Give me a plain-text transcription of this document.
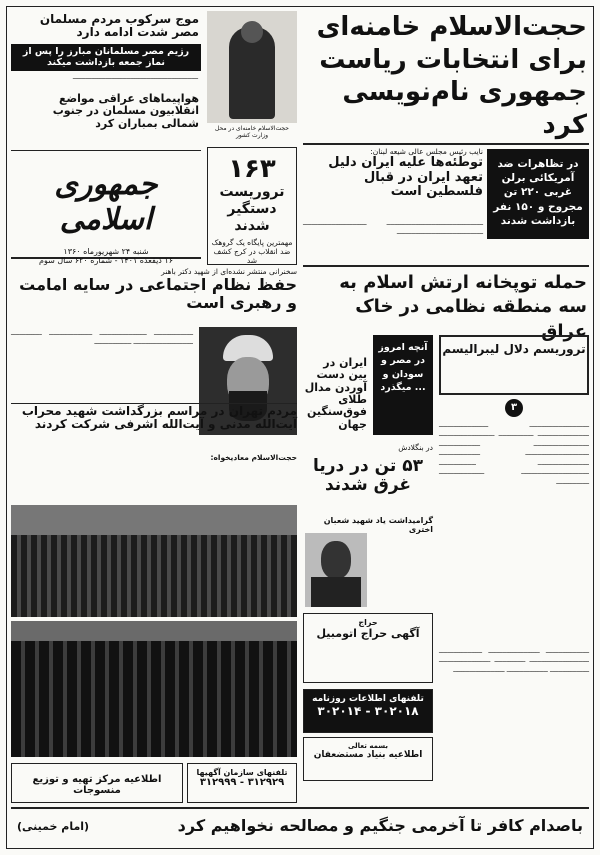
حجت‌الاسلام خامنه‌ای برای انتخابات ریاست جمهوری نام‌نویسی کرد
حجت‌الاسلام خامنه‌ای در محل وزارت کشور
موج سرکوب مردم مسلمان مصر شدت ادامه دارد
رژیم مصر مسلمانان مبارز را پس از نماز جمعه بازداشت میکند
ـــــــــــــــــــــــــــــــــــــــــــــــــــــــــــــ
هواپیماهای عراقی مواضع انقلابیون مسلمان در جنوب شمالی بمباران کرد
جمهوری اسلامی
شنبه ۲۴ شهریورماه ۱۳۶۰
۱۶ ذیقعده ۱۴۰۱ - شماره ۶۲۰ سال سوم
۱۶۳
تروریست دستگیر شدند
مهمترین پایگاه یک گروهک ضد انقلاب در کرج کشف شد
نایب رئیس مجلس عالی شیعه لبنان:
توطئه‌ها علیه ایران دلیل تعهد ایران در قبال فلسطین است
ـــــــــــــــــــــــــــــــــــــــــــــــ ـــــــــــــــــــــــــــــــ ــــــــــــــــــــــــــــــــــــــــــ
در تظاهرات ضد آمریکائی برلن غربی ۲۲۰ تن مجروح و ۱۵۰ نفر بازداشت شدند
حمله توپخانه ارتش اسلام به سه منطقه نظامی در خاک عراق
سخنرانی منتشر نشده‌ای از شهید دکتر باهنر
حفظ نظام اجتماعی در سایه امامت و رهبری است
ـــــــــــــــــــ ـــــــــــــــــــــــ ـــــــــــــــــــــ ـــــــــــــــ ـــــــــــــــــــــــــــــ ــــــــــــــــــ	آنچه امروز در مصر و سودان و ... میگذرد
تروریسم دلال لیبرالیسم
۳
ـــــــــــــــــــــــــــــ ــــــــــــــــــــــــ ـــــــــــــــــــــــــ ـــــــــــــــــ ـــــــــــــــــــــــــــ ـــــــــــــــــــــــــــ ــــــــــــــــــــ ـــــــــــــــــــــــــــــــ ــــــــــــــــــــ ـــــــــــــــــــــــــ ــــــــــــــــــ ـــــــــــــــــــــــــــــــــ ــــــــــــــــــــــ ــــــــــــــــ
ایران در بین دست آوردن مدال طلای فوق‌سنگین جهان
مردم تهران در مراسم بزرگداشت شهید محراب آیت‌الله مدنی و آیت‌الله اشرفی شرکت کردند
حجت‌الاسلام معادیخواه:
در بنگلادش
۵۳ تن در دریا غرق شدند
گرامیداشت یاد شهید شعبان اختری
حراج
آگهی حراج اتومبیل
تلفنهای اطلاعات روزنامه
۳۰۲۰۱۸ - ۳۰۲۰۱۴
بسمه تعالی
اطلاعیه بنیاد مستضعفان
تلفنهای سازمان آگهیها
۳۱۲۹۲۹ - ۳۱۲۹۹۹
اطلاعیه مرکز تهیه و توزیع منسوجات
ـــــــــــــــــــــ ـــــــــــــــــــــــــ ـــــــــــــــــــــ ـــــــــــــــــــــــــــــ ـــــــــــــــ ـــــــــــــــــــــــــ ـــــــــــــــــــ ــــــــــــــــــــ ـــــــــــــــــــــــــ
باصدام کافر تا آخرمی جنگیم و مصالحه نخواهیم کرد
(امام خمینی)
